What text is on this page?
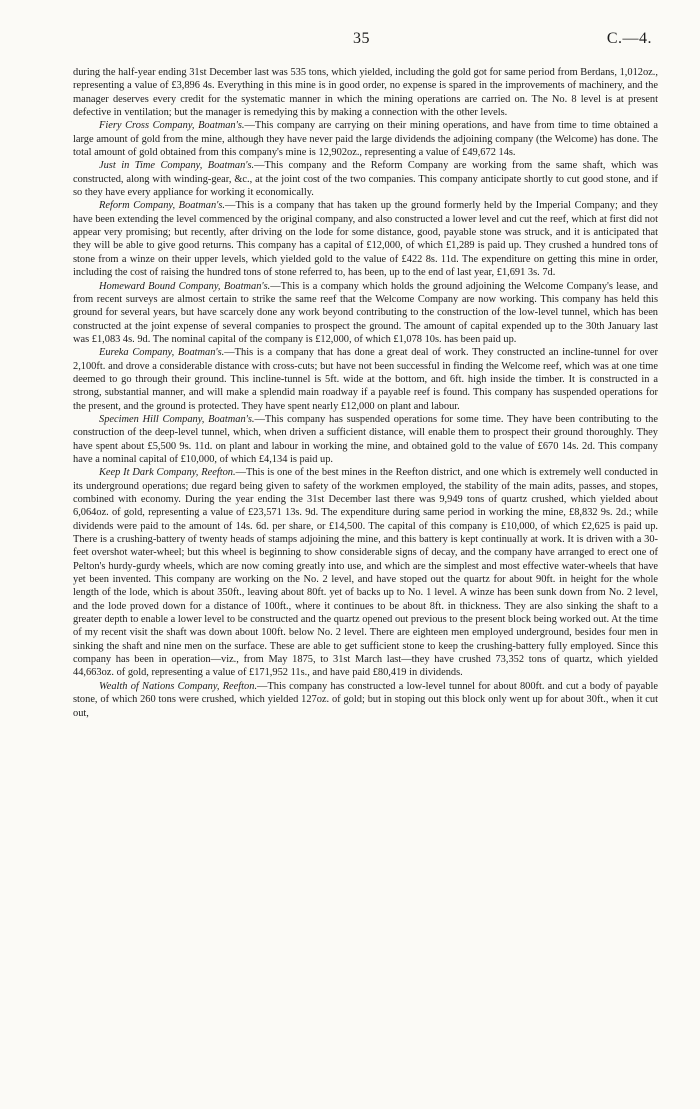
35	C.—4.

during the half-year ending 31st December last was 535 tons, which yielded, including the gold got for same period from Berdans, 1,012oz., representing a value of £3,896 4s. Everything in this mine is in good order, no expense is spared in the improvements of machinery, and the manager deserves every credit for the systematic manner in which the mining operations are carried on. The No. 8 level is at present defective in ventilation; but the manager is remedying this by making a connection with the other levels.

Fiery Cross Company, Boatman's.—This company are carrying on their mining operations, and have from time to time obtained a large amount of gold from the mine, although they have never paid the large dividends the adjoining company (the Welcome) has done. The total amount of gold obtained from this company's mine is 12,902oz., representing a value of £49,672 14s.

Just in Time Company, Boatman's.—This company and the Reform Company are working from the same shaft, which was constructed, along with winding-gear, &c., at the joint cost of the two companies. This company anticipate shortly to cut good stone, and if so they have every appliance for working it economically.

Reform Company, Boatman's.—This is a company that has taken up the ground formerly held by the Imperial Company; and they have been extending the level commenced by the original company, and also constructed a lower level and cut the reef, which at first did not appear very promising; but recently, after driving on the lode for some distance, good, payable stone was struck, and it is anticipated that they will be able to give good returns. This company has a capital of £12,000, of which £1,289 is paid up. They crushed a hundred tons of stone from a winze on their upper levels, which yielded gold to the value of £422 8s. 11d. The expenditure on getting this mine in order, including the cost of raising the hundred tons of stone referred to, has been, up to the end of last year, £1,691 3s. 7d.

Homeward Bound Company, Boatman's.—This is a company which holds the ground adjoining the Welcome Company's lease, and from recent surveys are almost certain to strike the same reef that the Welcome Company are now working. This company has held this ground for several years, but have scarcely done any work beyond contributing to the construction of the low-level tunnel, which has been constructed at the joint expense of several companies to prospect the ground. The amount of capital expended up to the 30th January last was £1,083 4s. 9d. The nominal capital of the company is £12,000, of which £1,078 10s. has been paid up.

Eureka Company, Boatman's.—This is a company that has done a great deal of work. They constructed an incline-tunnel for over 2,100ft. and drove a considerable distance with cross-cuts; but have not been successful in finding the Welcome reef, which was at one time deemed to go through their ground. This incline-tunnel is 5ft. wide at the bottom, and 6ft. high inside the timber. It is constructed in a strong, substantial manner, and will make a splendid main roadway if a payable reef is found. This company has suspended operations for the present, and the ground is protected. They have spent nearly £12,000 on plant and labour.

Specimen Hill Company, Boatman's.—This company has suspended operations for some time. They have been contributing to the construction of the deep-level tunnel, which, when driven a sufficient distance, will enable them to prospect their ground thoroughly. They have spent about £5,500 9s. 11d. on plant and labour in working the mine, and obtained gold to the value of £670 14s. 2d. This company have a nominal capital of £10,000, of which £4,134 is paid up.

Keep It Dark Company, Reefton.—This is one of the best mines in the Reefton district, and one which is extremely well conducted in its underground operations; due regard being given to safety of the workmen employed, the stability of the main adits, passes, and stopes, combined with economy. During the year ending the 31st December last there was 9,949 tons of quartz crushed, which yielded about 6,064oz. of gold, representing a value of £23,571 13s. 9d. The expenditure during same period in working the mine, £8,832 9s. 2d.; while dividends were paid to the amount of 14s. 6d. per share, or £14,500. The capital of this company is £10,000, of which £2,625 is paid up. There is a crushing-battery of twenty heads of stamps adjoining the mine, and this battery is kept continually at work. It is driven with a 30-feet overshot water-wheel; but this wheel is beginning to show considerable signs of decay, and the company have arranged to erect one of Pelton's hurdy-gurdy wheels, which are now coming greatly into use, and which are the simplest and most effective water-wheels that have yet been invented. This company are working on the No. 2 level, and have stoped out the quartz for about 90ft. in height for the whole length of the lode, which is about 350ft., leaving about 80ft. yet of backs up to No. 1 level. A winze has been sunk down from No. 2 level, and the lode proved down for a distance of 100ft., where it continues to be about 8ft. in thickness. They are also sinking the shaft to a greater depth to enable a lower level to be constructed and the quartz opened out previous to the present block being worked out. At the time of my recent visit the shaft was down about 100ft. below No. 2 level. There are eighteen men employed underground, besides four men in sinking the shaft and nine men on the surface. These are able to get sufficient stone to keep the crushing-battery fully employed. Since this company has been in operation—viz., from May 1875, to 31st March last—they have crushed 73,352 tons of quartz, which yielded 44,663oz. of gold, representing a value of £171,952 11s., and have paid £80,419 in dividends.

Wealth of Nations Company, Reefton.—This company has constructed a low-level tunnel for about 800ft. and cut a body of payable stone, of which 260 tons were crushed, which yielded 127oz. of gold; but in stoping out this block only went up for about 30ft., when it cut out,
